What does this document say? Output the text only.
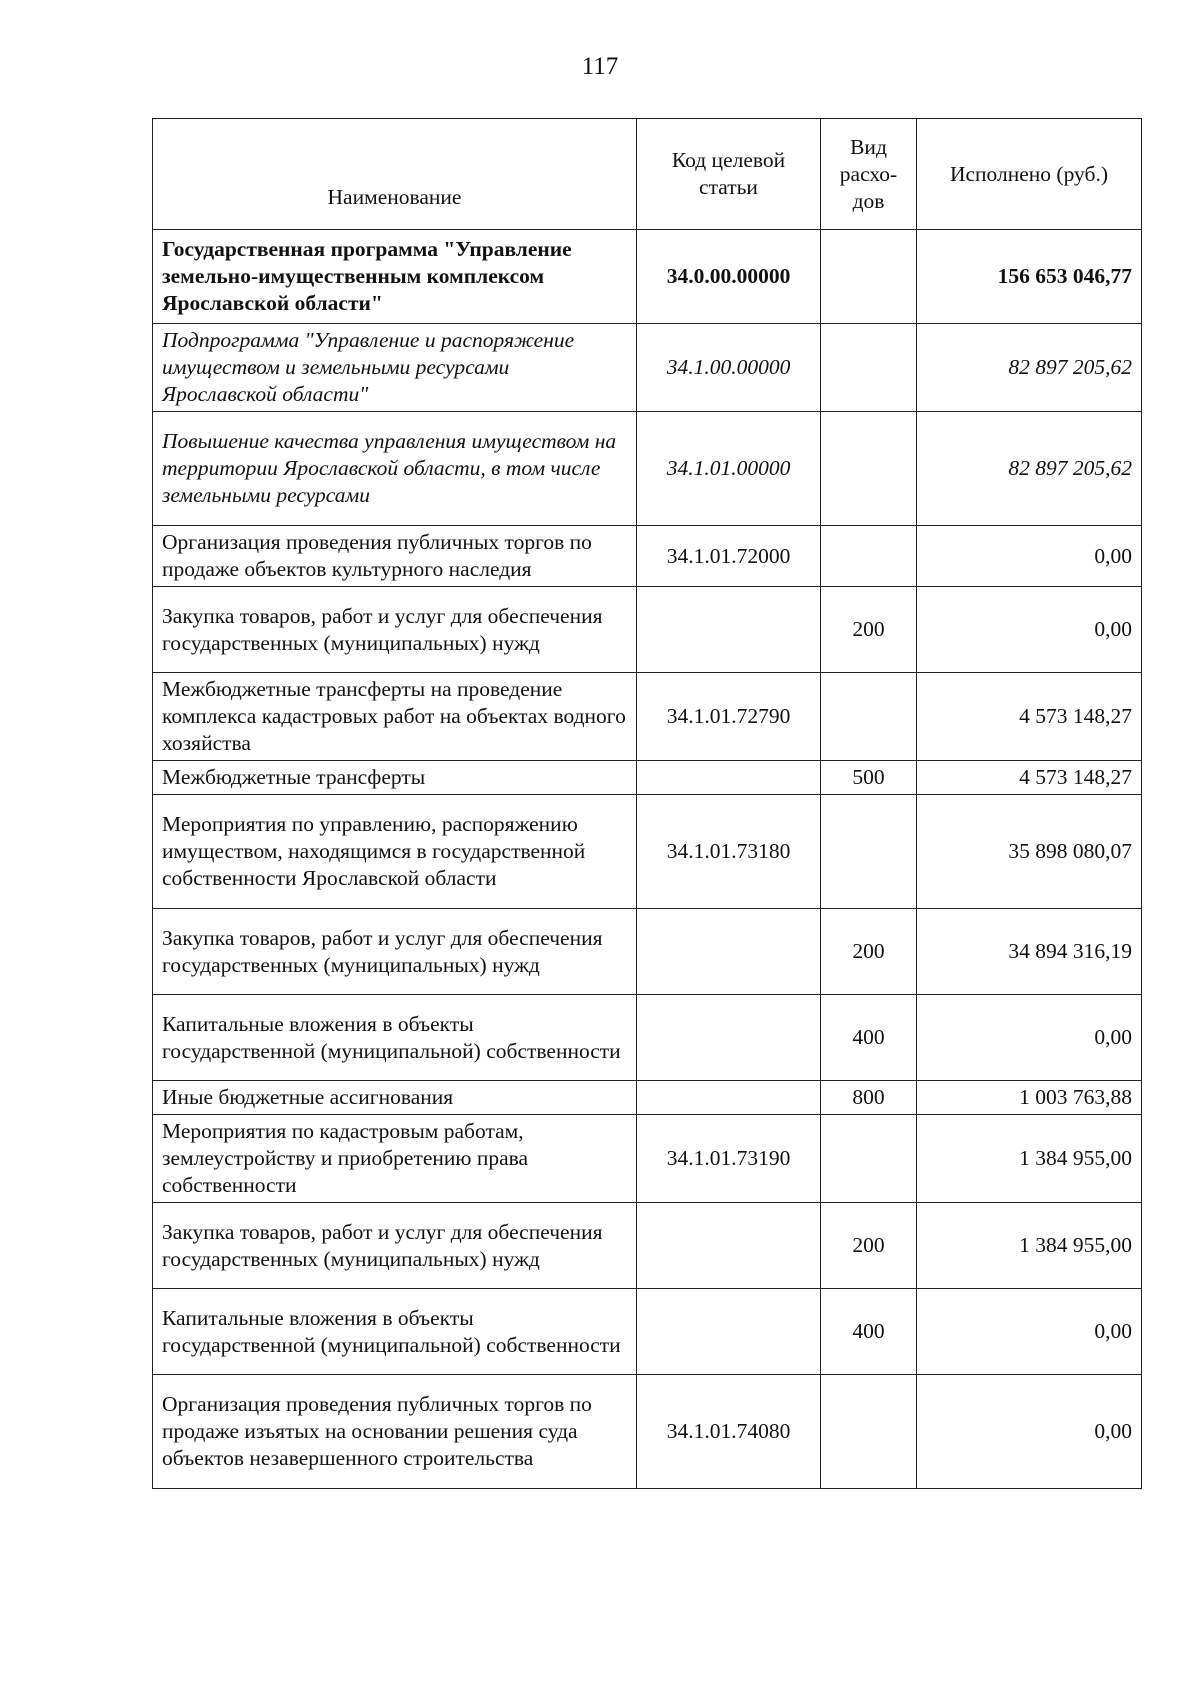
117
Наименование	Код целевой статьи	Вид расхо-дов	Исполнено (руб.)
Государственная программа "Управление земельно-имущественным комплексом Ярославской области"	34.0.00.00000		156 653 046,77
Подпрограмма "Управление и распоряжение имуществом и земельными ресурсами Ярославской области"	34.1.00.00000		82 897 205,62
Повышение качества управления имуществом на территории Ярославской области, в том числе земельными ресурсами	34.1.01.00000		82 897 205,62
Организация проведения публичных торгов по продаже объектов культурного наследия	34.1.01.72000		0,00
Закупка товаров, работ и услуг для обеспечения государственных (муниципальных) нужд		200	0,00
Межбюджетные трансферты на проведение комплекса кадастровых работ на объектах водного хозяйства	34.1.01.72790		4 573 148,27
Межбюджетные трансферты		500	4 573 148,27
Мероприятия по управлению, распоряжению имуществом, находящимся в государственной собственности Ярославской области	34.1.01.73180		35 898 080,07
Закупка товаров, работ и услуг для обеспечения государственных (муниципальных) нужд		200	34 894 316,19
Капитальные вложения в объекты государственной (муниципальной) собственности		400	0,00
Иные бюджетные ассигнования		800	1 003 763,88
Мероприятия по кадастровым работам, землеустройству и приобретению права собственности	34.1.01.73190		1 384 955,00
Закупка товаров, работ и услуг для обеспечения государственных (муниципальных) нужд		200	1 384 955,00
Капитальные вложения в объекты государственной (муниципальной) собственности		400	0,00
Организация проведения публичных торгов по продаже изъятых на основании решения суда объектов незавершенного строительства	34.1.01.74080		0,00
